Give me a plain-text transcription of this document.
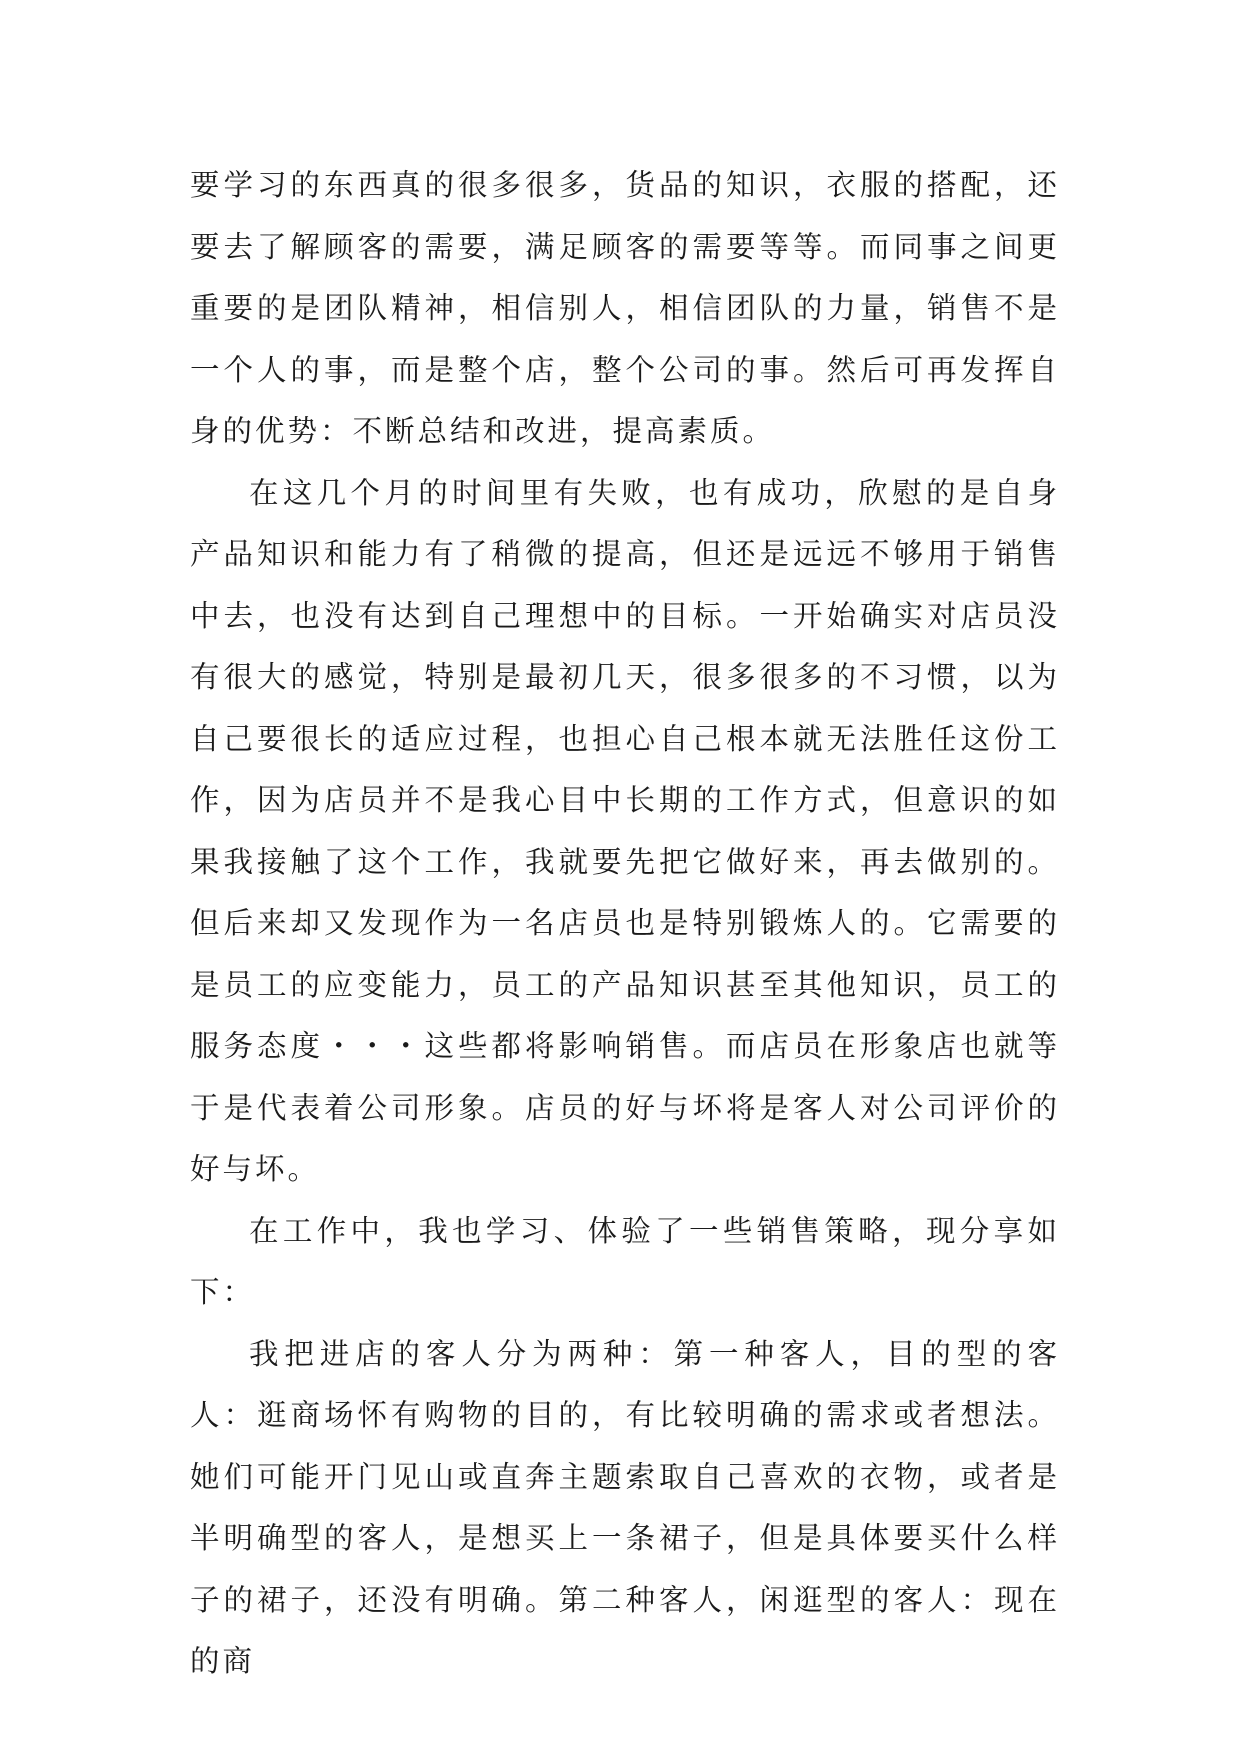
要学习的东西真的很多很多，货品的知识，衣服的搭配，还要去了解顾客的需要，满足顾客的需要等等。而同事之间更重要的是团队精神，相信别人，相信团队的力量，销售不是一个人的事，而是整个店，整个公司的事。然后可再发挥自身的优势：不断总结和改进，提高素质。

在这几个月的时间里有失败，也有成功，欣慰的是自身产品知识和能力有了稍微的提高，但还是远远不够用于销售中去，也没有达到自己理想中的目标。一开始确实对店员没有很大的感觉，特别是最初几天，很多很多的不习惯，以为自己要很长的适应过程，也担心自己根本就无法胜任这份工作，因为店员并不是我心目中长期的工作方式，但意识的如果我接触了这个工作，我就要先把它做好来，再去做别的。但后来却又发现作为一名店员也是特别锻炼人的。它需要的是员工的应变能力，员工的产品知识甚至其他知识，员工的服务态度・・・这些都将影响销售。而店员在形象店也就等于是代表着公司形象。店员的好与坏将是客人对公司评价的好与坏。

在工作中，我也学习、体验了一些销售策略，现分享如下：

我把进店的客人分为两种：第一种客人，目的型的客人：逛商场怀有购物的目的，有比较明确的需求或者想法。她们可能开门见山或直奔主题索取自己喜欢的衣物，或者是半明确型的客人，是想买上一条裙子，但是具体要买什么样子的裙子，还没有明确。第二种客人，闲逛型的客人：现在的商
